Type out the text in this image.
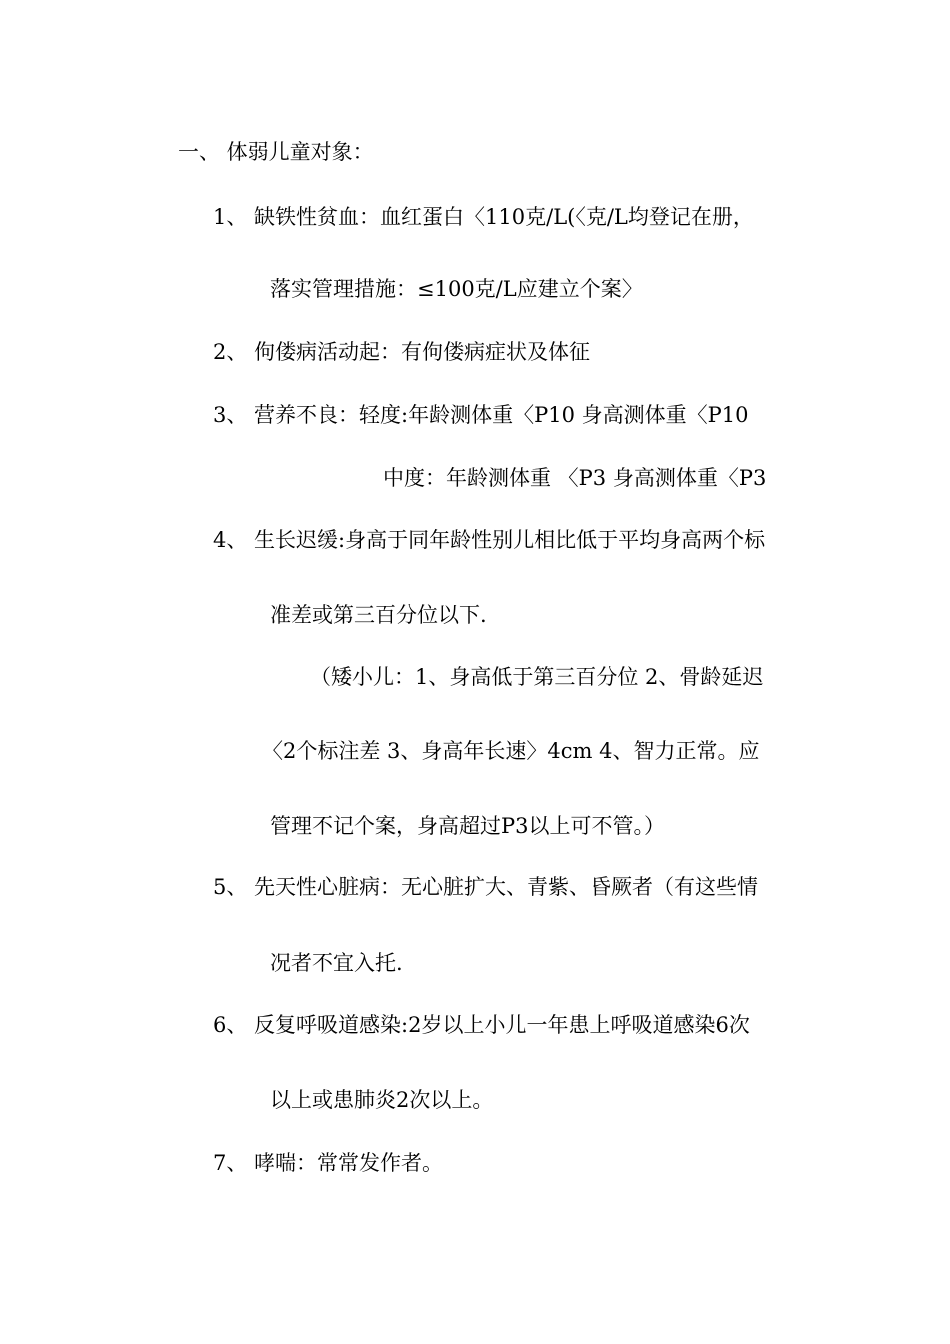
一、 体弱儿童对象：

1、 缺铁性贫血：血红蛋白〈110克/L(〈克/L均登记在册，

落实管理措施：≤100克/L应建立个案〉

2、 佝偻病活动起：有佝偻病症状及体征

3、 营养不良：轻度:年龄测体重〈P10 身高测体重〈P10

中度：年龄测体重 〈P3 身高测体重〈P3

4、 生长迟缓:身高于同年龄性别儿相比低于平均身高两个标

准差或第三百分位以下.

（矮小儿：1、身高低于第三百分位 2、骨龄延迟

〈2个标注差 3、身高年长速〉4cm 4、智力正常。应

管理不记个案，身高超过P3以上可不管。）

5、 先天性心脏病：无心脏扩大、青紫、昏厥者（有这些情

况者不宜入托.

6、 反复呼吸道感染:2岁以上小儿一年患上呼吸道感染6次

以上或患肺炎2次以上。

7、 哮喘：常常发作者。
